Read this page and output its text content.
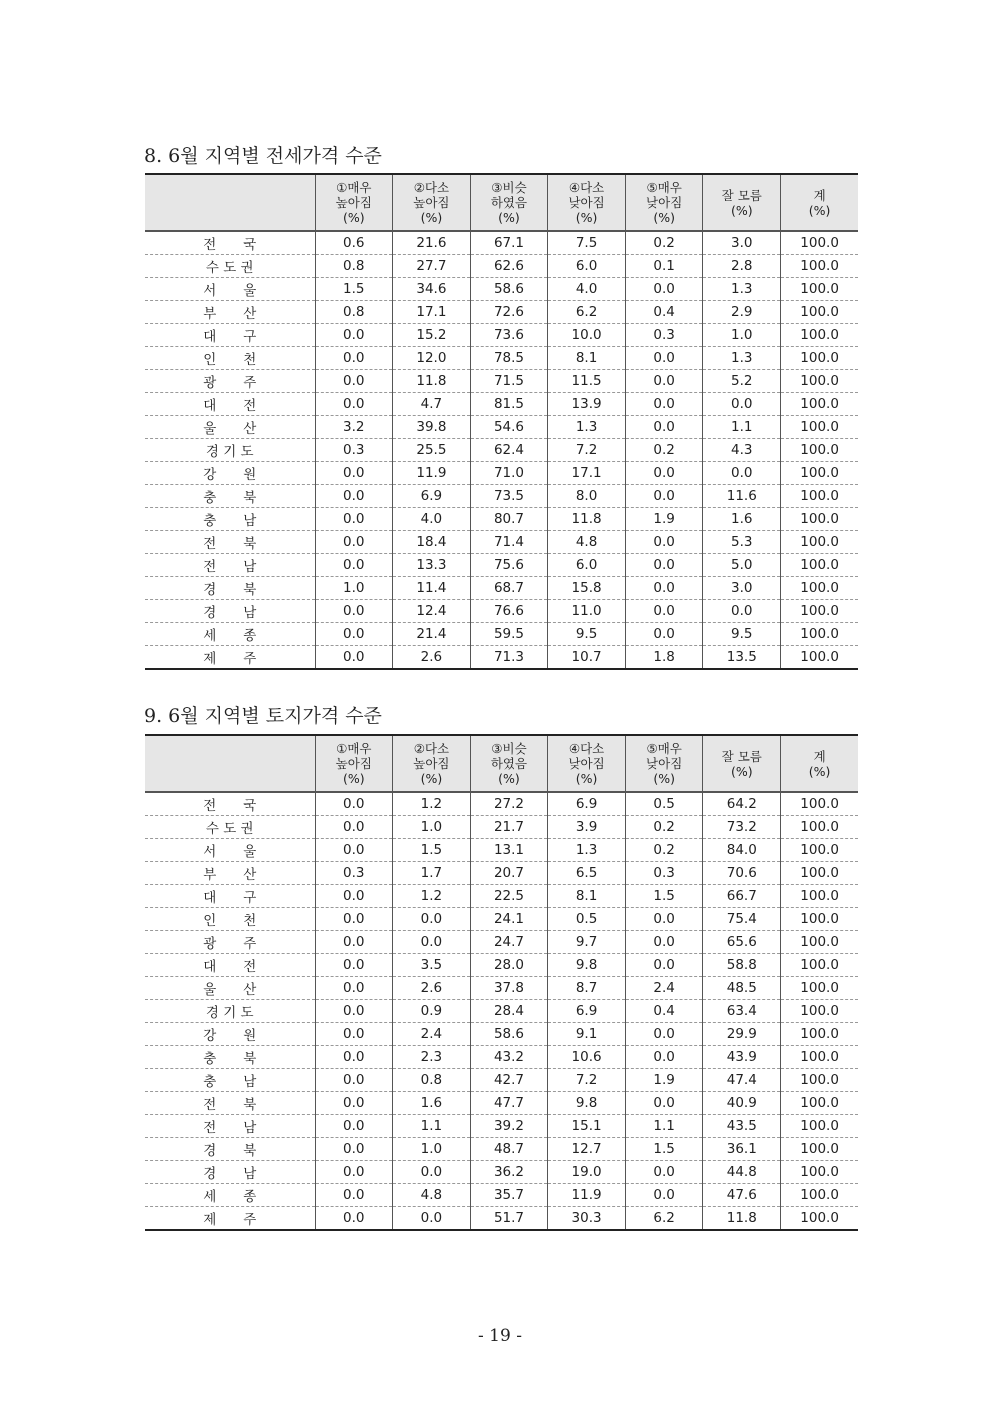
8. 6월 지역별 전세가격 수준
	①매우
높아짐
(%)	②다소
높아짐
(%)	③비슷
하였음
(%)	④다소
낮아짐
(%)	⑤매우
낮아짐
(%)	잘 모름
(%)	계
(%)
전　　국	0.6	21.6	67.1	7.5	0.2	3.0	100.0
수 도 권	0.8	27.7	62.6	6.0	0.1	2.8	100.0
서　　울	1.5	34.6	58.6	4.0	0.0	1.3	100.0
부　　산	0.8	17.1	72.6	6.2	0.4	2.9	100.0
대　　구	0.0	15.2	73.6	10.0	0.3	1.0	100.0
인　　천	0.0	12.0	78.5	8.1	0.0	1.3	100.0
광　　주	0.0	11.8	71.5	11.5	0.0	5.2	100.0
대　　전	0.0	4.7	81.5	13.9	0.0	0.0	100.0
울　　산	3.2	39.8	54.6	1.3	0.0	1.1	100.0
경 기 도	0.3	25.5	62.4	7.2	0.2	4.3	100.0
강　　원	0.0	11.9	71.0	17.1	0.0	0.0	100.0
충　　북	0.0	6.9	73.5	8.0	0.0	11.6	100.0
충　　남	0.0	4.0	80.7	11.8	1.9	1.6	100.0
전　　북	0.0	18.4	71.4	4.8	0.0	5.3	100.0
전　　남	0.0	13.3	75.6	6.0	0.0	5.0	100.0
경　　북	1.0	11.4	68.7	15.8	0.0	3.0	100.0
경　　남	0.0	12.4	76.6	11.0	0.0	0.0	100.0
세　　종	0.0	21.4	59.5	9.5	0.0	9.5	100.0
제　　주	0.0	2.6	71.3	10.7	1.8	13.5	100.0
9. 6월 지역별 토지가격 수준
	①매우
높아짐
(%)	②다소
높아짐
(%)	③비슷
하였음
(%)	④다소
낮아짐
(%)	⑤매우
낮아짐
(%)	잘 모름
(%)	계
(%)
전　　국	0.0	1.2	27.2	6.9	0.5	64.2	100.0
수 도 권	0.0	1.0	21.7	3.9	0.2	73.2	100.0
서　　울	0.0	1.5	13.1	1.3	0.2	84.0	100.0
부　　산	0.3	1.7	20.7	6.5	0.3	70.6	100.0
대　　구	0.0	1.2	22.5	8.1	1.5	66.7	100.0
인　　천	0.0	0.0	24.1	0.5	0.0	75.4	100.0
광　　주	0.0	0.0	24.7	9.7	0.0	65.6	100.0
대　　전	0.0	3.5	28.0	9.8	0.0	58.8	100.0
울　　산	0.0	2.6	37.8	8.7	2.4	48.5	100.0
경 기 도	0.0	0.9	28.4	6.9	0.4	63.4	100.0
강　　원	0.0	2.4	58.6	9.1	0.0	29.9	100.0
충　　북	0.0	2.3	43.2	10.6	0.0	43.9	100.0
충　　남	0.0	0.8	42.7	7.2	1.9	47.4	100.0
전　　북	0.0	1.6	47.7	9.8	0.0	40.9	100.0
전　　남	0.0	1.1	39.2	15.1	1.1	43.5	100.0
경　　북	0.0	1.0	48.7	12.7	1.5	36.1	100.0
경　　남	0.0	0.0	36.2	19.0	0.0	44.8	100.0
세　　종	0.0	4.8	35.7	11.9	0.0	47.6	100.0
제　　주	0.0	0.0	51.7	30.3	6.2	11.8	100.0
- 19 -
